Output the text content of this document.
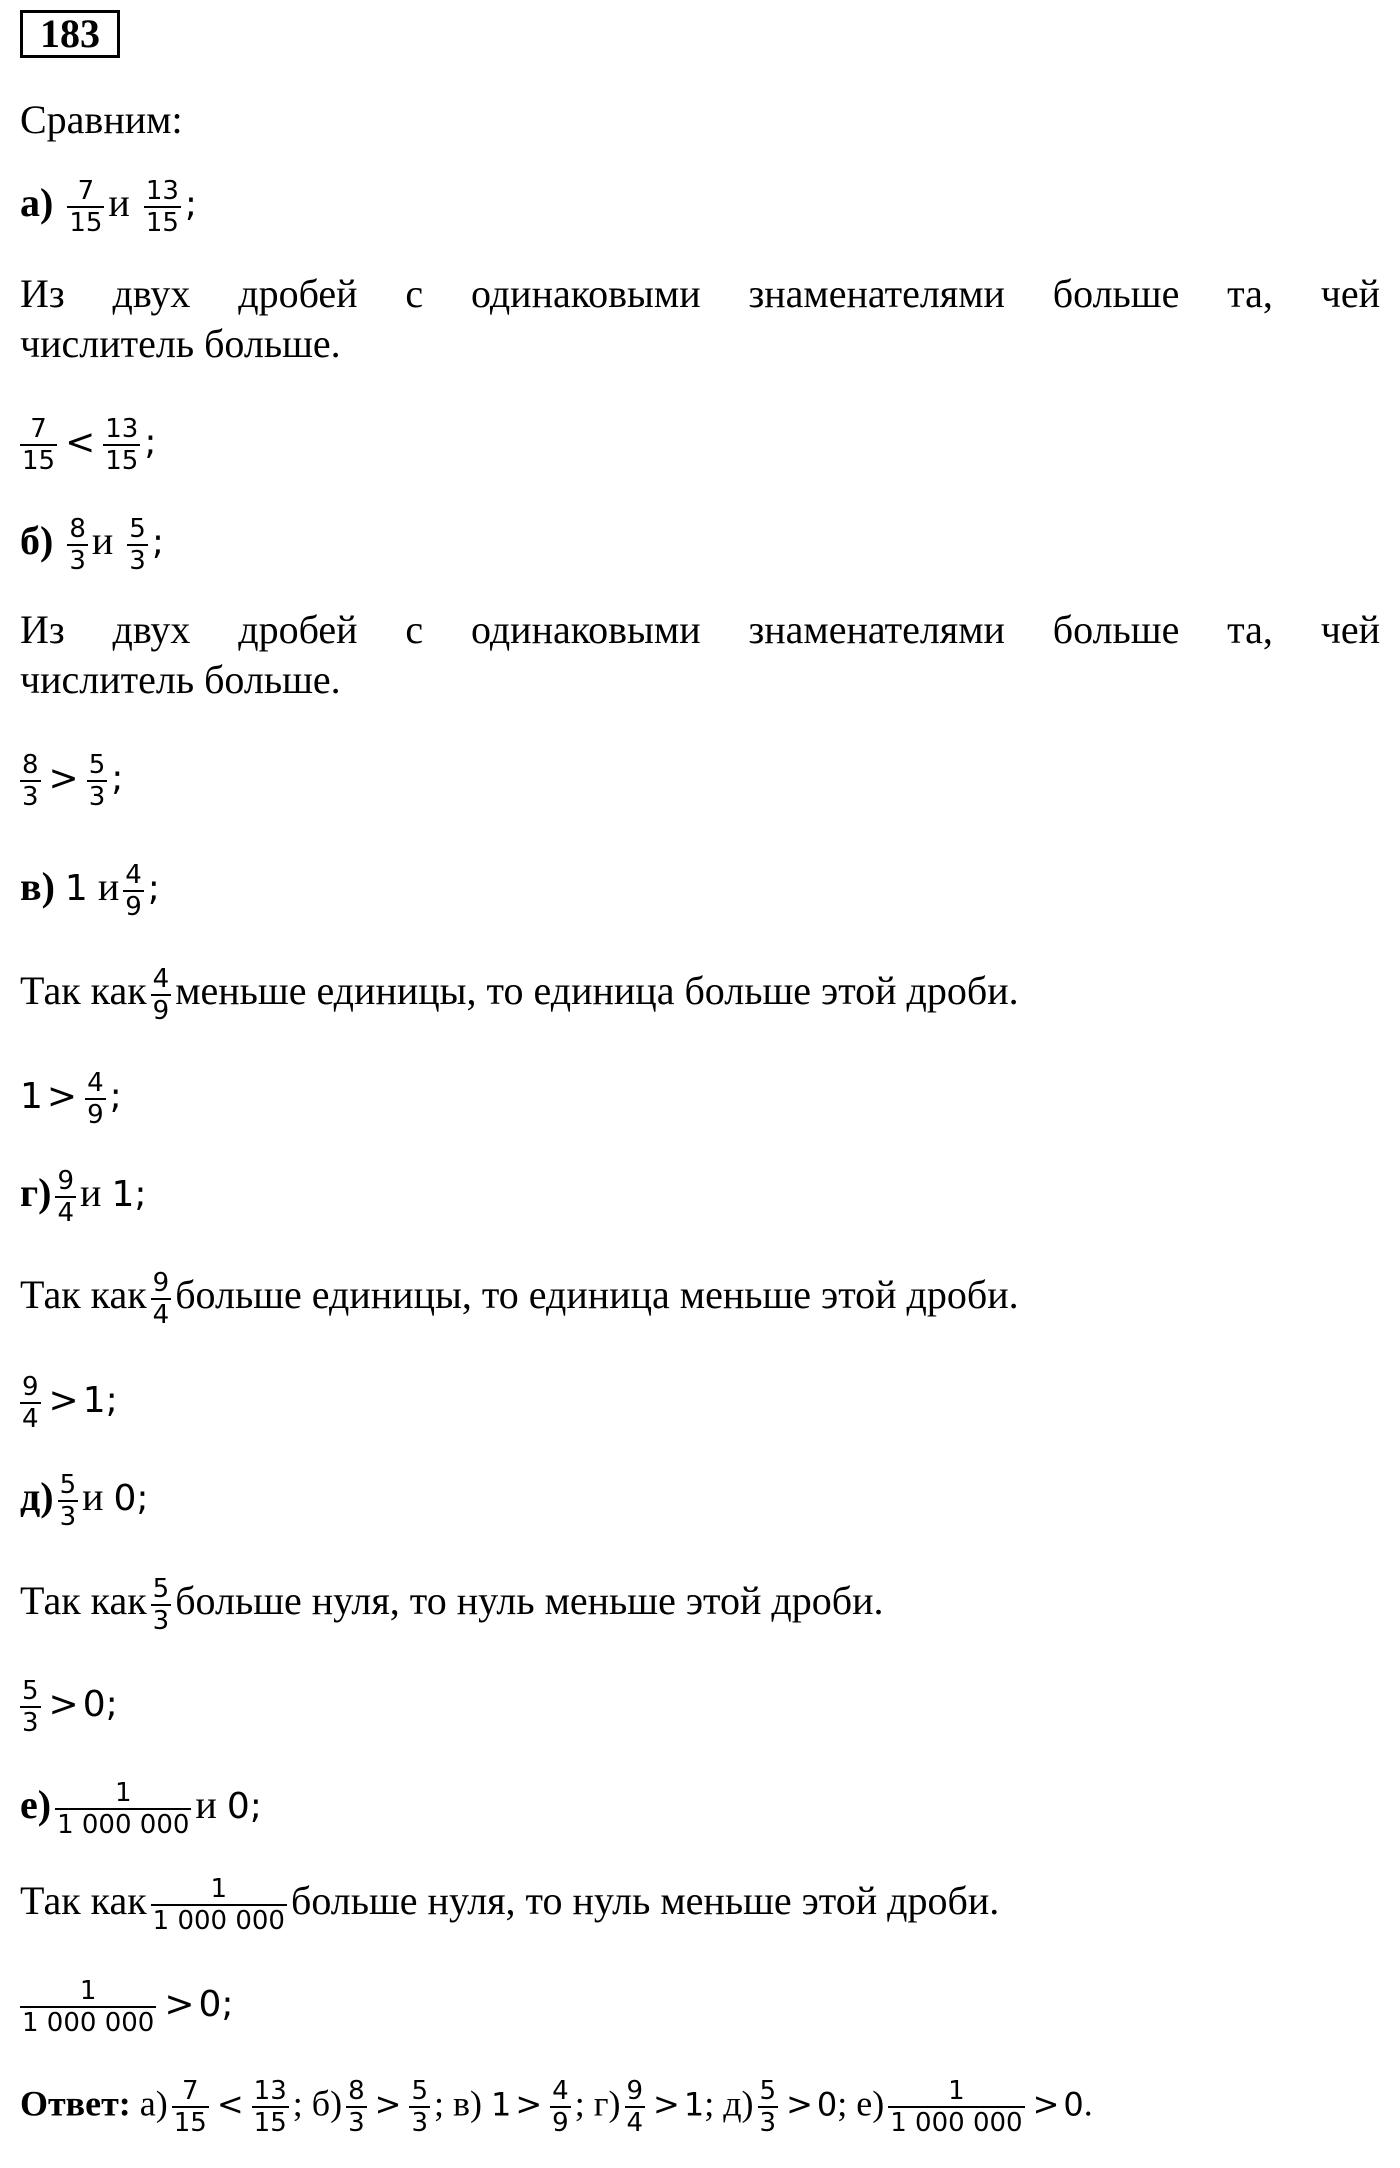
183
Сравним:
$а) \frac{7}{15}$ и $\frac{13}{15}$ ;
Из двух дробей с одинаковыми знаменателями больше та, чей
числитель больше.
$\frac{7}{15} < \frac{13}{15}$ ;
$б) \frac{8}{3}$ и $\frac{5}{3}$ ;
Из двух дробей с одинаковыми знаменателями больше та, чей
числитель больше.
$\frac{8}{3} > \frac{5}{3}$ ;
в) 1 и $\frac{4}{9}$ ;
Так как $\frac{4}{9}$ меньше единицы, то единица больше этой дроби.
$1 > \frac{4}{9}$ ;
$г) \frac{9}{4}$ и 1;
Так как $\frac{9}{4}$ больше единицы, то единица меньше этой дроби.
$\frac{9}{4} > 1$;
$д) \frac{5}{3}$ и 0;
Так как $\frac{5}{3}$ больше нуля, то нуль меньше этой дроби.
$\frac{5}{3} > 0$;
$е) \frac{1}{1 000 000}$ и 0;
Так как $\frac{1}{1 000 000}$ больше нуля, то нуль меньше этой дроби.
$\frac{1}{1 000 000} > 0$;
Ответ: $а) \frac{7}{15} < \frac{13}{15}$ ; $б) \frac{8}{3} > \frac{5}{3}$ ; в) $1 > \frac{4}{9}$ ; $г) \frac{9}{4} > 1$; $д) \frac{5}{3} > 0$; $е) \frac{1}{1 000 000} > 0$.
